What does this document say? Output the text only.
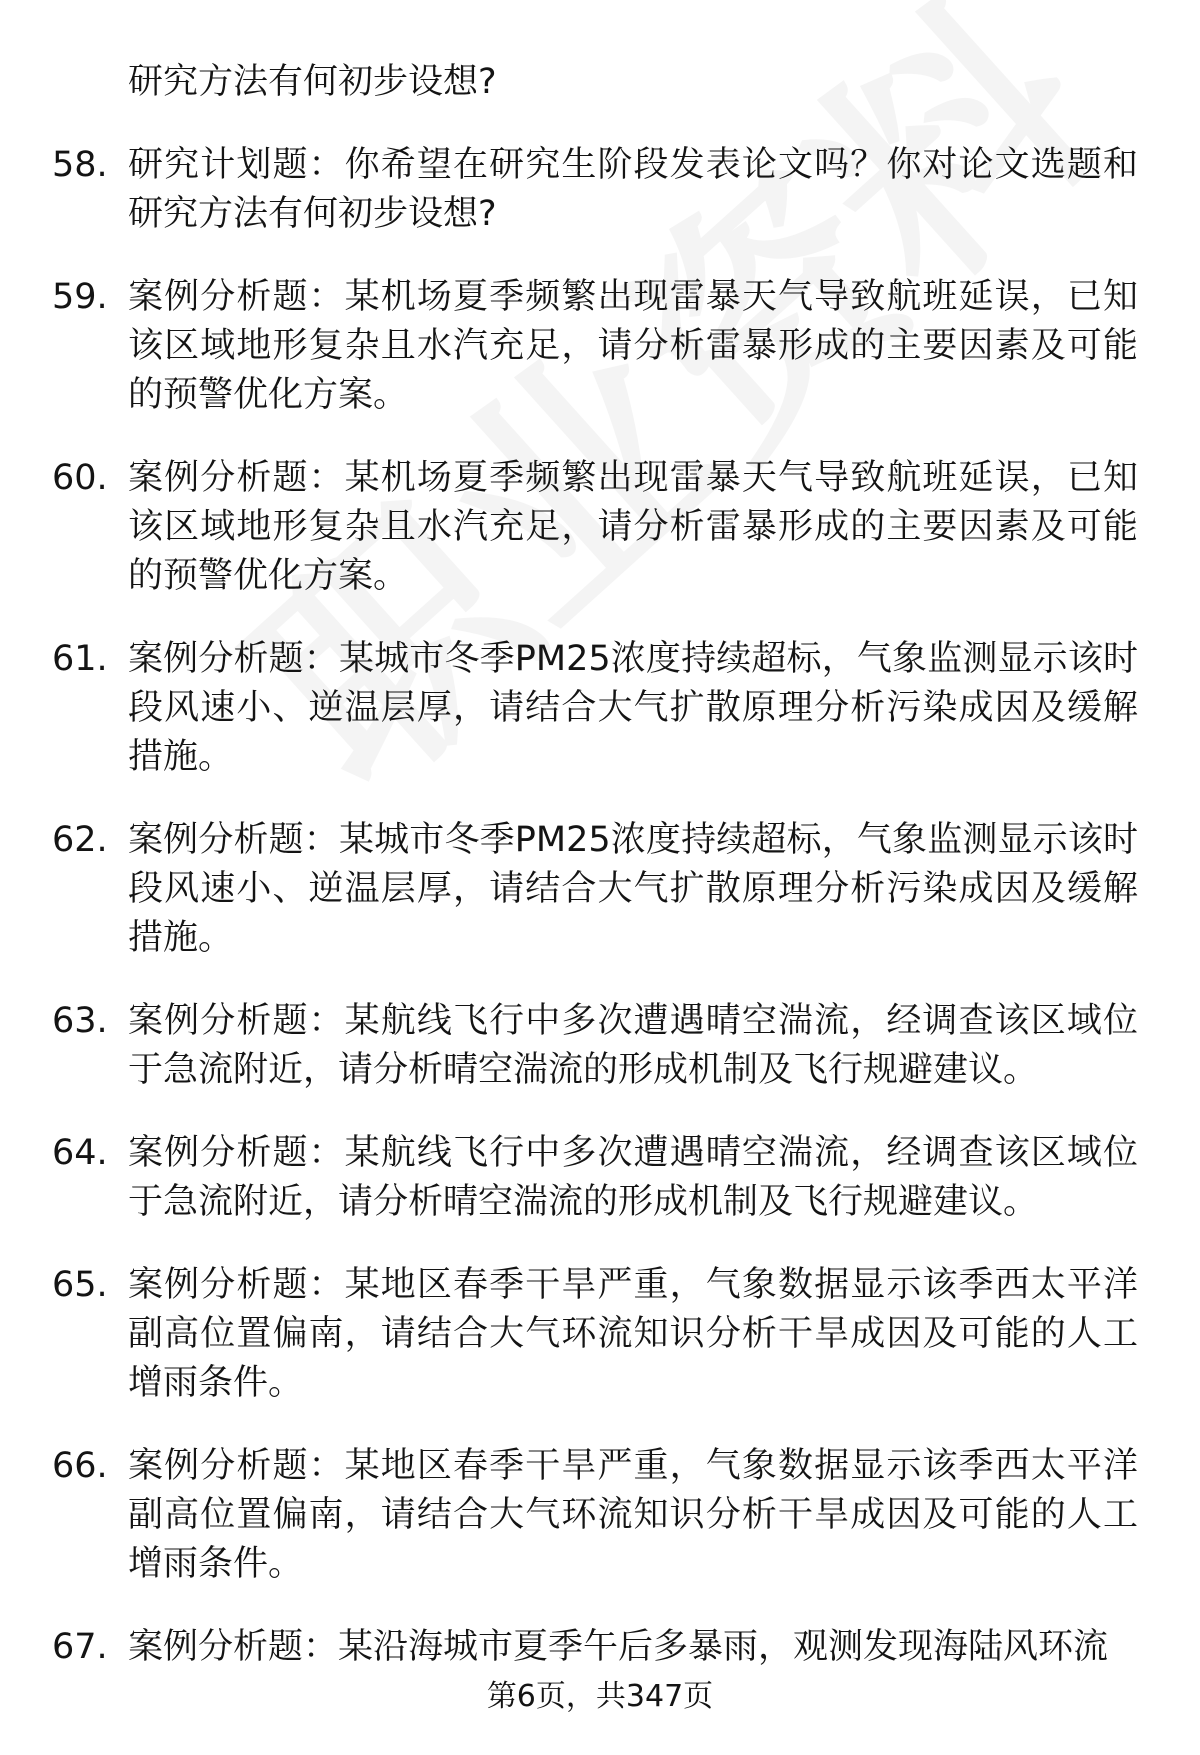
研究方法有何初步设想?

58. 研究计划题：你希望在研究生阶段发表论文吗？你对论文选题和研究方法有何初步设想?
59. 案例分析题：某机场夏季频繁出现雷暴天气导致航班延误，已知该区域地形复杂且水汽充足，请分析雷暴形成的主要因素及可能的预警优化方案。
60. 案例分析题：某机场夏季频繁出现雷暴天气导致航班延误，已知该区域地形复杂且水汽充足，请分析雷暴形成的主要因素及可能的预警优化方案。
61. 案例分析题：某城市冬季PM25浓度持续超标，气象监测显示该时段风速小、逆温层厚，请结合大气扩散原理分析污染成因及缓解措施。
62. 案例分析题：某城市冬季PM25浓度持续超标，气象监测显示该时段风速小、逆温层厚，请结合大气扩散原理分析污染成因及缓解措施。
63. 案例分析题：某航线飞行中多次遭遇晴空湍流，经调查该区域位于急流附近，请分析晴空湍流的形成机制及飞行规避建议。
64. 案例分析题：某航线飞行中多次遭遇晴空湍流，经调查该区域位于急流附近，请分析晴空湍流的形成机制及飞行规避建议。
65. 案例分析题：某地区春季干旱严重，气象数据显示该季西太平洋副高位置偏南，请结合大气环流知识分析干旱成因及可能的人工增雨条件。
66. 案例分析题：某地区春季干旱严重，气象数据显示该季西太平洋副高位置偏南，请结合大气环流知识分析干旱成因及可能的人工增雨条件。
67. 案例分析题：某沿海城市夏季午后多暴雨，观测发现海陆风环流
第6页，共347页
